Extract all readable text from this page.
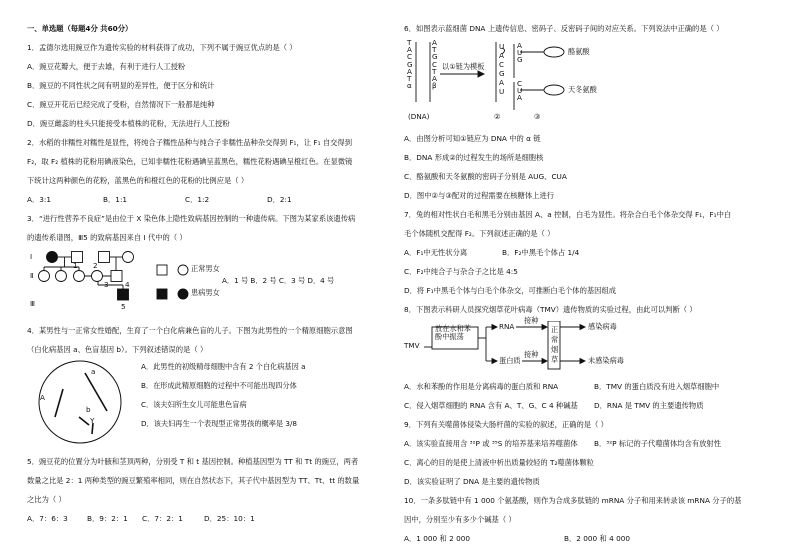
一、单选题（每题4分 共60分）
1．孟德尔选用豌豆作为遗传实验的材料获得了成功，下列不属于豌豆优点的是（ ）
A．豌豆花瓣大，便于去雄，有利于进行人工授粉
B．豌豆的不同性状之间有明显的差异性，便于区分和统计
C．豌豆开花后已经完成了受粉，自然情况下一般都是纯种
D．豌豆雌蕊的柱头只能接受本植株的花粉，无法进行人工授粉
2．水稻的非糯性对糯性是显性，将纯合子糯性品种与纯合子非糯性品种杂交得到 F₁，让 F₁ 自交得到
F₂，取 F₂ 植株的花粉用碘液染色，已知非糯性花粉遇碘呈蓝黑色，糯性花粉遇碘呈橙红色。在显微镜
下统计这两种颜色的花粉，蓝黑色的和橙红色的花粉的比例应是（ ）
A．3:1	B．1:1	C．1:2	D．2:1
3．“进行性营养不良症”是由位于 X 染色体上隐性致病基因控制的一种遗传病。下图为某家系该遗传病
的遗传系谱图，Ⅲ5 的致病基因来自 I 代中的（ ）
Ⅰ
Ⅱ
Ⅲ
1 2
3 4
5
正常男女
患病男女
A．1 号 B．2 号 C．3 号 D．4 号
4．某男性与一正常女性婚配，生育了一个白化病兼色盲的儿子。下图为此男性的一个精原细胞示意图
（白化病基因 a、色盲基因 b）。下列叙述错误的是（ ）
A
a
b
Y
A．此男性的初级精母细胞中含有 2 个白化病基因 a
B．在形成此精原细胞的过程中不可能出现四分体
C．该夫妇所生女儿可能患色盲病
D．该夫妇再生一个表现型正常男孩的概率是 3/8
5．豌豆花的位置分为叶腋和茎顶两种，分别受 T 和 t 基因控制。种植基因型为 TT 和 Tt 的豌豆，两者
数量之比是 2：1 两种类型的豌豆繁殖率相同，则在自然状态下，其子代中基因型为 TT、Tt、tt 的数量
之比为（ ）
A．7：6：3	B．9：2：1	C．7：2：1	D．25：10：1
6．如图表示蓝细菌 DNA 上遗传信息、密码子、反密码子间的对应关系。下列说法中正确的是（ ）
T
A
C
G
A
T
α
A
T
G
C
T
A
β
以①链为模板
U
A
C
G
A
U
A
U
G
C
U
A
酪氨酸
天冬氨酸
(DNA)	②	③
A．由图分析可知①链应为 DNA 中的 α 链
B．DNA 形成②的过程发生的场所是细胞核
C．酪氨酸和天冬氨酸的密码子分别是 AUG、CUA
D．图中②与③配对的过程需要在核糖体上进行
7．兔的相对性状白毛和黑毛分别由基因 A、a 控制，白毛为显性。将杂合白毛个体杂交得 F₁，F₁中白
毛个体随机交配得 F₂。下列叙述正确的是（ ）
A．F₁中无性状分离	B．F₂中黑毛个体占 1/4
C．F₂中纯合子与杂合子之比是 4:5
D．将 F₁中黑毛个体与白毛个体杂交，可推断白毛个体的基因组成
8．下图表示科研人员探究烟草花叶病毒（TMV）遗传物质的实验过程，由此可以判断（ ）
TMV
放在水和苯
酚中振荡
RNA
蛋白质
接种
接种
正
常
烟
草
感染病毒
未感染病毒
A．水和苯酚的作用是分离病毒的蛋白质和 RNA	B．TMV 的蛋白质没有进入烟草细胞中
C．侵入烟草细胞的 RNA 含有 A、T、G、C 4 种碱基	D．RNA 是 TMV 的主要遗传物质
9．下列有关噬菌体侵染大肠杆菌的实验的叙述，正确的是（ ）
A．该实验直接用含 ³²P 或 ³⁵S 的培养基来培养噬菌体	B．³²P 标记的子代噬菌体均含有放射性
C．离心的目的是使上清液中析出质量较轻的 T₂噬菌体颗粒
D．该实验证明了 DNA 是主要的遗传物质
10．一条多肽链中有 1 000 个氨基酸，则作为合成多肽链的 mRNA 分子和用来转录该 mRNA 分子的基
因中，分别至少有多少个碱基（ ）
A．1 000 和 2 000	B．2 000 和 4 000
